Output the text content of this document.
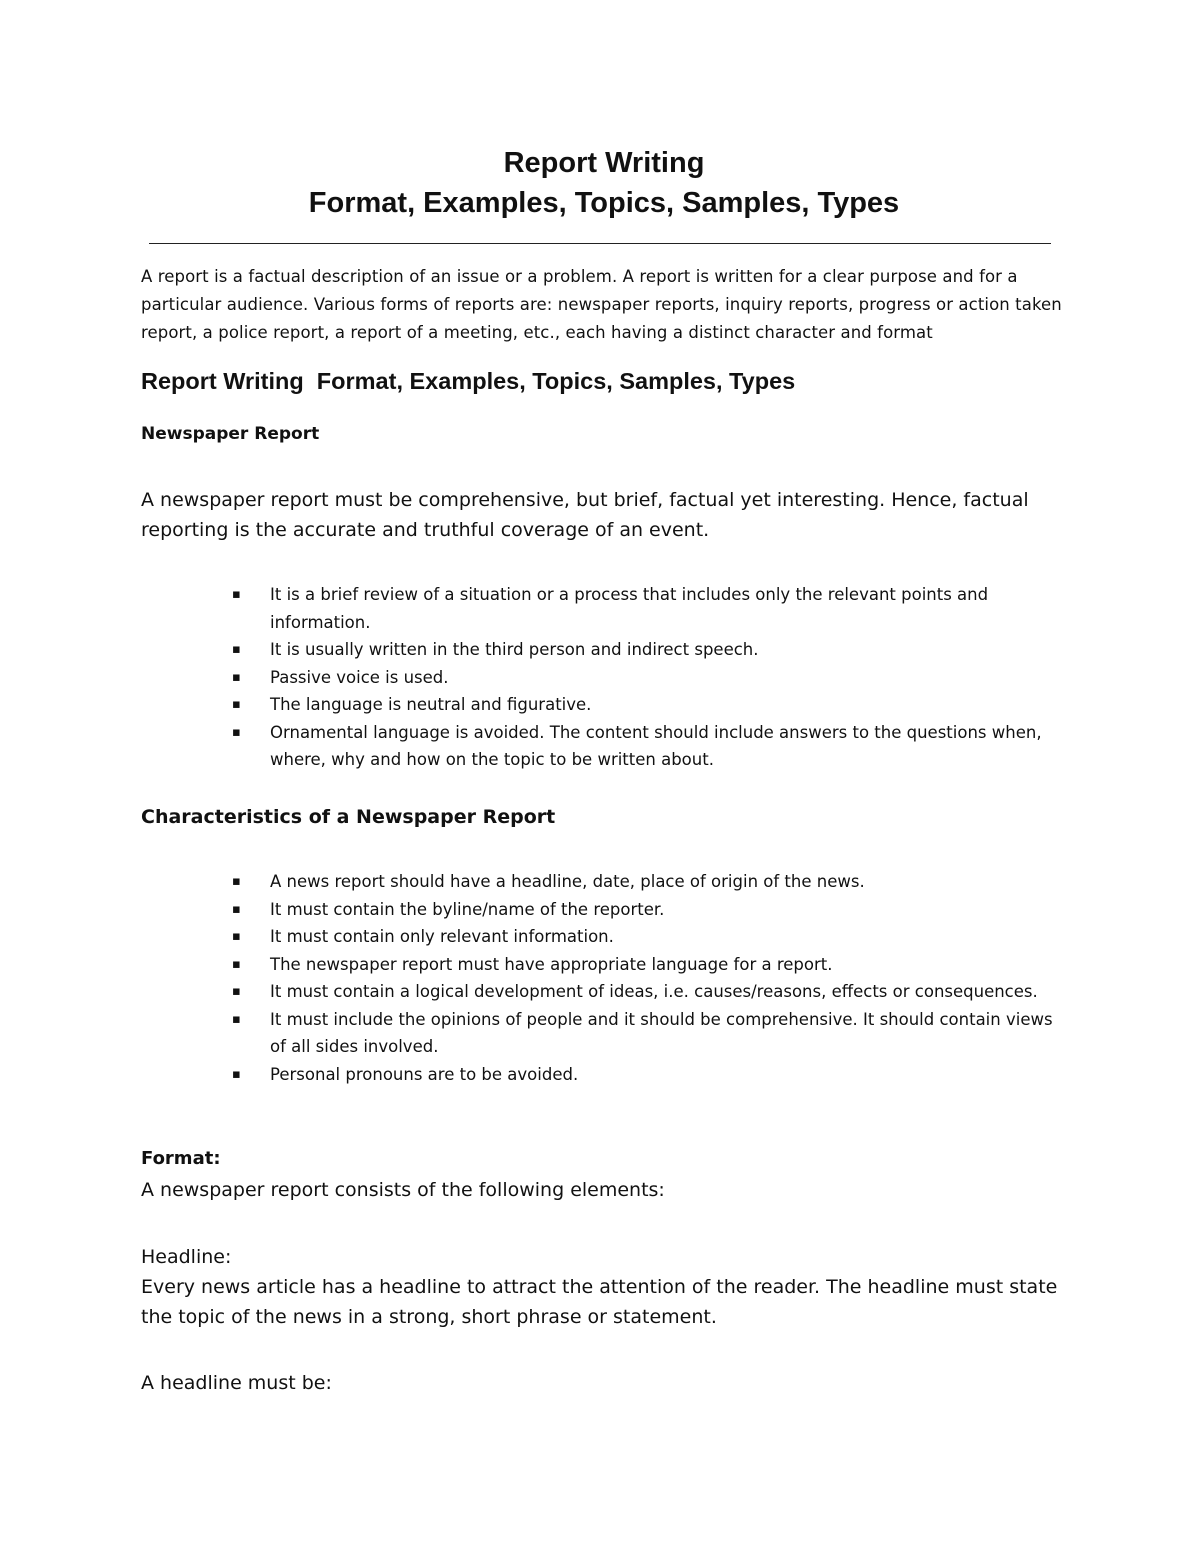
Report Writing
Format, Examples, Topics, Samples, Types

A report is a factual description of an issue or a problem. A report is written for a clear purpose and for a particular audience. Various forms of reports are: newspaper reports, inquiry reports, progress or action taken report, a police report, a report of a meeting, etc., each having a distinct character and format

Report Writing  Format, Examples, Topics, Samples, Types
Newspaper Report

A newspaper report must be comprehensive, but brief, factual yet interesting. Hence, factual reporting is the accurate and truthful coverage of an event.

▪ It is a brief review of a situation or a process that includes only the relevant points and information.
▪ It is usually written in the third person and indirect speech.
▪ Passive voice is used.
▪ The language is neutral and figurative.
▪ Ornamental language is avoided. The content should include answers to the questions when, where, why and how on the topic to be written about.
Characteristics of a Newspaper Report
▪ A news report should have a headline, date, place of origin of the news.
▪ It must contain the byline/name of the reporter.
▪ It must contain only relevant information.
▪ The newspaper report must have appropriate language for a report.
▪ It must contain a logical development of ideas, i.e. causes/reasons, effects or consequences.
▪ It must include the opinions of people and it should be comprehensive. It should contain views of all sides involved.
▪ Personal pronouns are to be avoided.
Format:

A newspaper report consists of the following elements:

Headline:

Every news article has a headline to attract the attention of the reader. The headline must state the topic of the news in a strong, short phrase or statement.

A headline must be:
